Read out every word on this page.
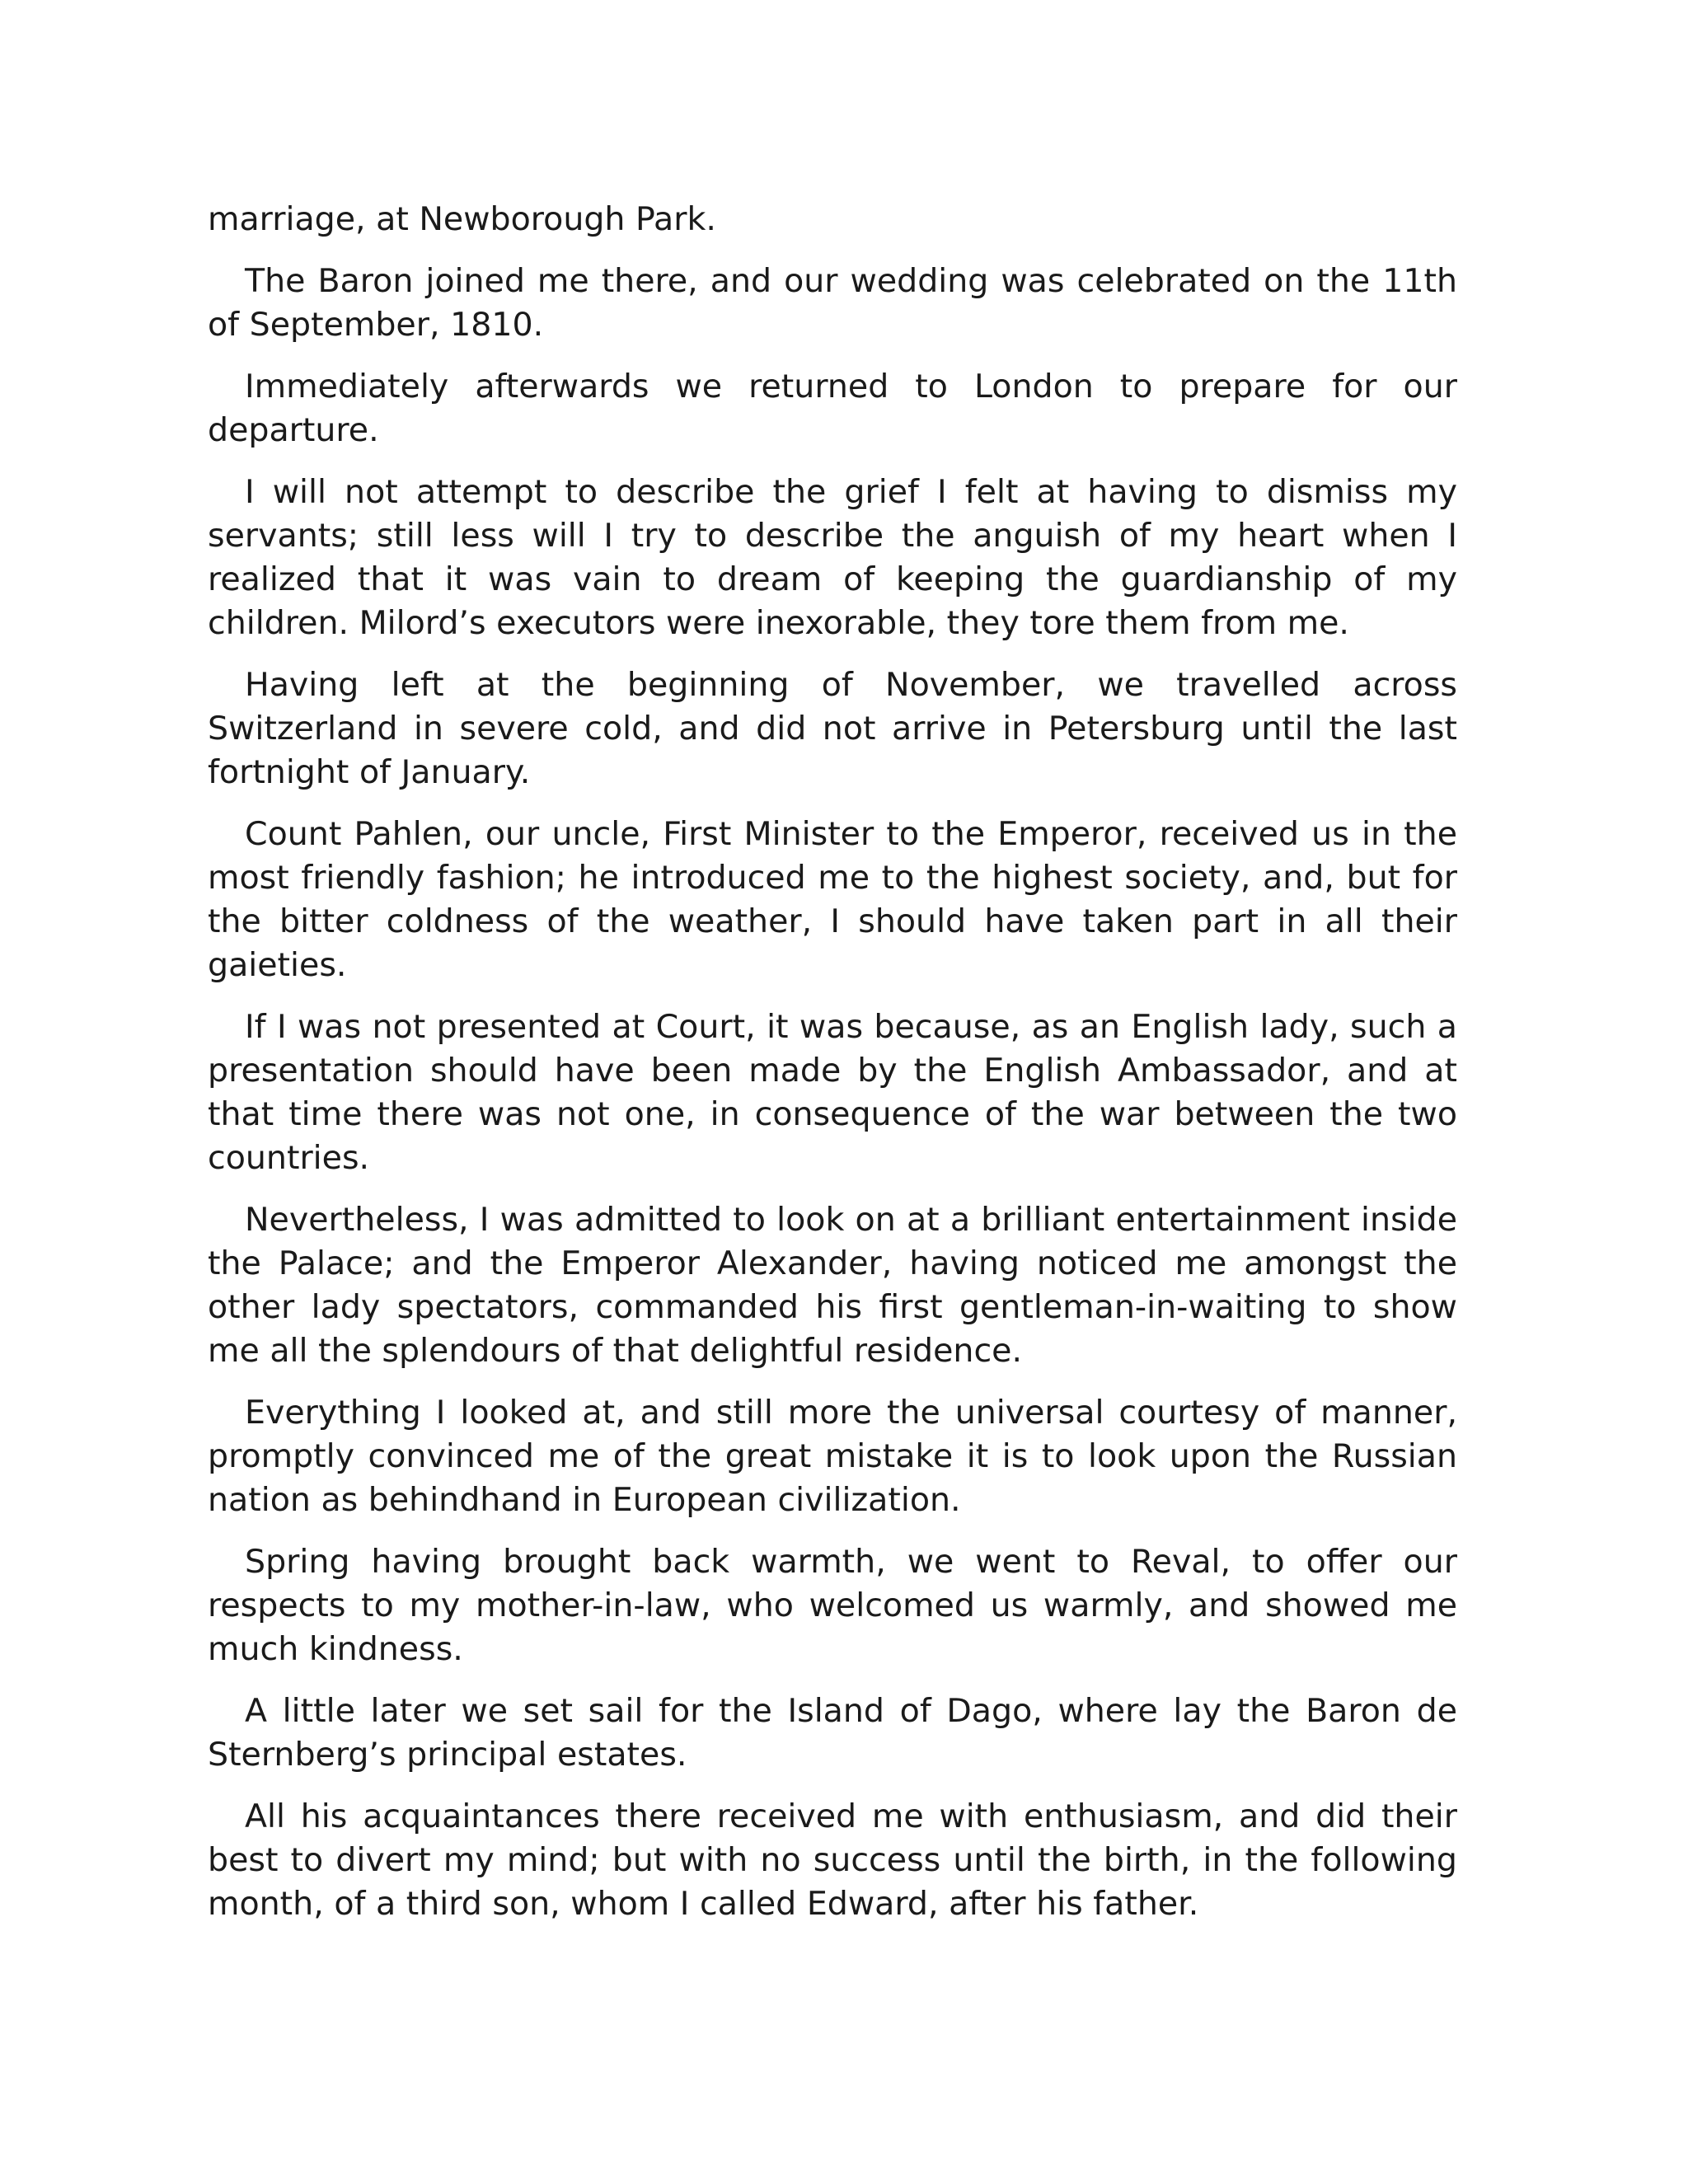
marriage, at Newborough Park.

The Baron joined me there, and our wedding was celebrated on the 11th of September, 1810.

Immediately afterwards we returned to London to prepare for our departure.

I will not attempt to describe the grief I felt at having to dismiss my servants; still less will I try to describe the anguish of my heart when I realized that it was vain to dream of keeping the guardianship of my children. Milord’s executors were inexorable, they tore them from me.

Having left at the beginning of November, we travelled across Switzerland in severe cold, and did not arrive in Petersburg until the last fortnight of January.

Count Pahlen, our uncle, First Minister to the Emperor, received us in the most friendly fashion; he introduced me to the highest society, and, but for the bitter coldness of the weather, I should have taken part in all their gaieties.

If I was not presented at Court, it was because, as an English lady, such a presentation should have been made by the English Ambassador, and at that time there was not one, in consequence of the war between the two countries.

Nevertheless, I was admitted to look on at a brilliant entertainment inside the Palace; and the Emperor Alexander, having noticed me amongst the other lady spectators, commanded his first gentleman-in-waiting to show me all the splendours of that delightful residence.

Everything I looked at, and still more the universal courtesy of manner, promptly convinced me of the great mistake it is to look upon the Russian nation as behindhand in European civilization.

Spring having brought back warmth, we went to Reval, to offer our respects to my mother-in-law, who welcomed us warmly, and showed me much kindness.

A little later we set sail for the Island of Dago, where lay the Baron de Sternberg’s principal estates.

All his acquaintances there received me with enthusiasm, and did their best to divert my mind; but with no success until the birth, in the following month, of a third son, whom I called Edward, after his father.
